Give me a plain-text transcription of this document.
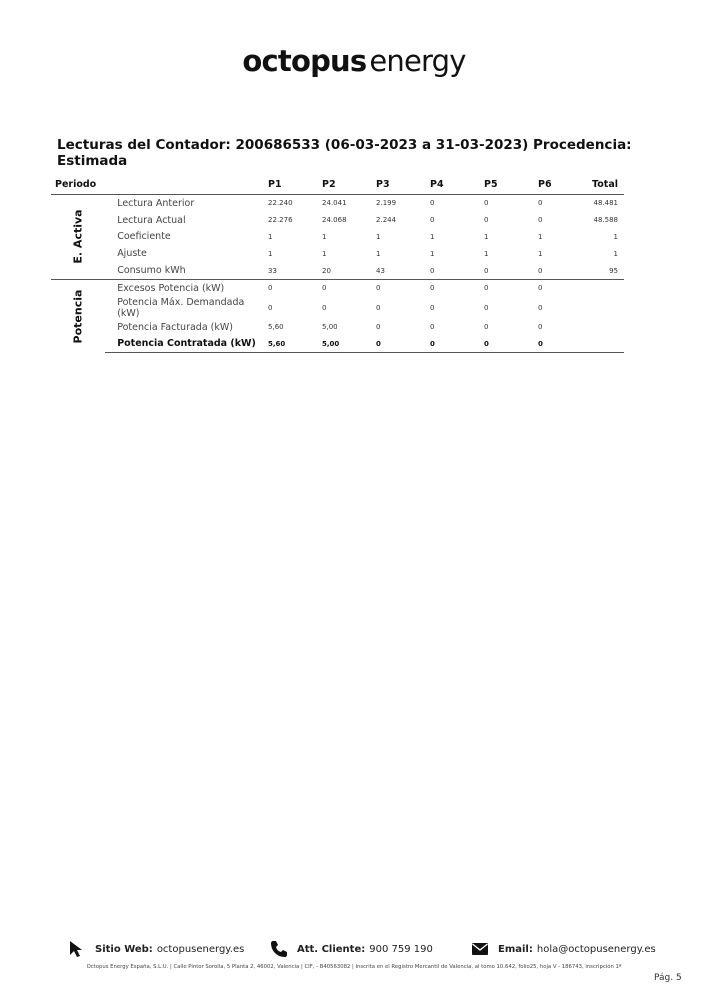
octopus energy
Lecturas del Contador: 200686533 (06-03-2023 a 31-03-2023) Procedencia: Estimada
Periodo		P1	P2	P3	P4	P5	P6	Total
E. Activa	Lectura Anterior	22.240	24.041	2.199	0	0	0	48.481
	Lectura Actual	22.276	24.068	2.244	0	0	0	48.588
	Coeficiente	1	1	1	1	1	1	1
	Ajuste	1	1	1	1	1	1	1
	Consumo kWh	33	20	43	0	0	0	95
Potencia	Excesos Potencia (kW)	0	0	0	0	0	0	
	Potencia Máx. Demandada (kW)	0	0	0	0	0	0	
	Potencia Facturada (kW)	5,60	5,00	0	0	0	0	
	Potencia Contratada (kW)	5,60	5,00	0	0	0	0	
Sitio Web: octopusenergy.es	Att. Cliente: 900 759 190	Email: hola@octopusenergy.es
Octopus Energy España, S.L.U. | Calle Pintor Sorolla, 5 Planta 2, 46002, Valencia | CIF, - B40563082 | Inscrita en el Registro Mercantil de Valencia, al tomo 10.642, folio25, hoja V - 186743, inscripción 1ª
Pág. 5
